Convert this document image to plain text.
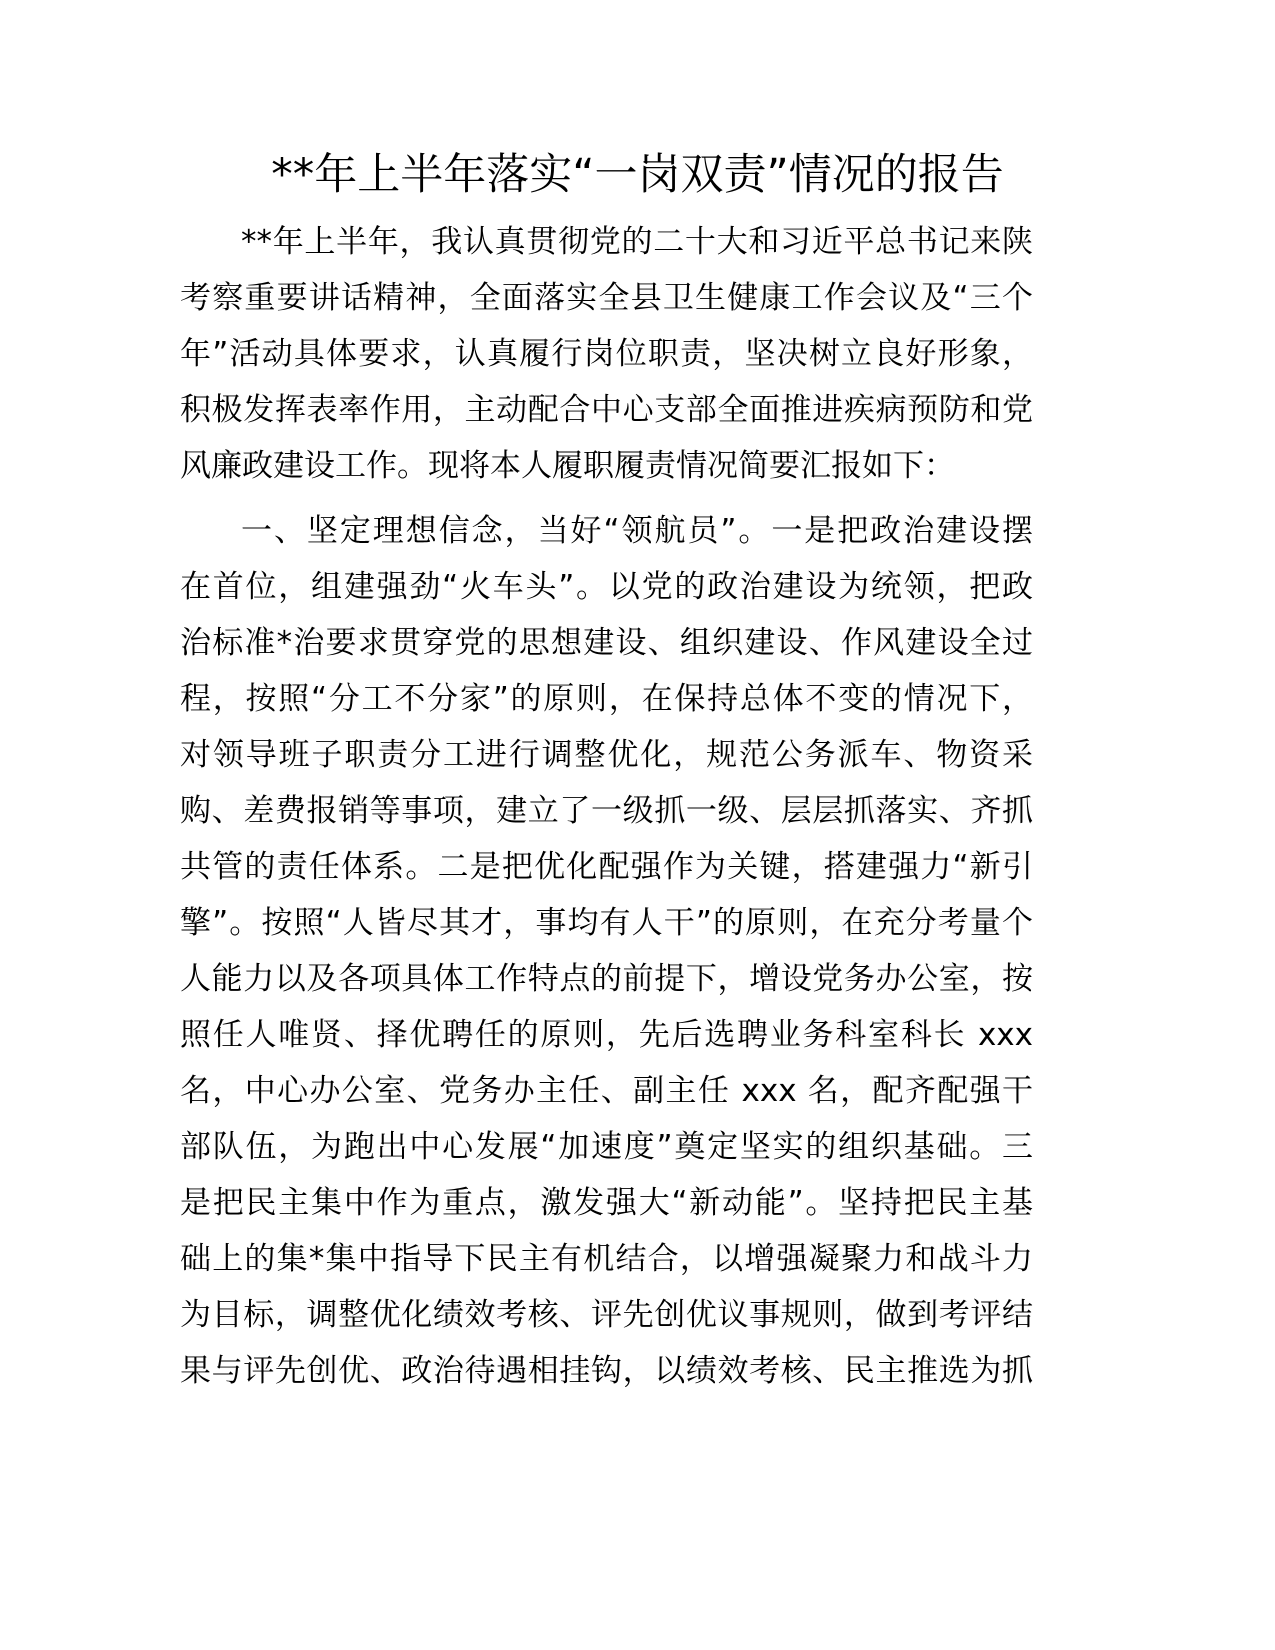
**年上半年落实“一岗双责”情况的报告

**年上半年，我认真贯彻党的二十大和习近平总书记来陕

考察重要讲话精神，全面落实全县卫生健康工作会议及“三个

年”活动具体要求，认真履行岗位职责，坚决树立良好形象，

积极发挥表率作用，主动配合中心支部全面推进疾病预防和党

风廉政建设工作。现将本人履职履责情况简要汇报如下：

一、坚定理想信念，当好“领航员”。一是把政治建设摆

在首位，组建强劲“火车头”。以党的政治建设为统领，把政

治标准*治要求贯穿党的思想建设、组织建设、作风建设全过

程，按照“分工不分家”的原则，在保持总体不变的情况下，

对领导班子职责分工进行调整优化，规范公务派车、物资采

购、差费报销等事项，建立了一级抓一级、层层抓落实、齐抓

共管的责任体系。二是把优化配强作为关键，搭建强力“新引

擎”。按照“人皆尽其才，事均有人干”的原则，在充分考量个

人能力以及各项具体工作特点的前提下，增设党务办公室，按

照任人唯贤、择优聘任的原则，先后选聘业务科室科长 xxx

名，中心办公室、党务办主任、副主任 xxx 名，配齐配强干

部队伍，为跑出中心发展“加速度”奠定坚实的组织基础。三

是把民主集中作为重点，激发强大“新动能”。坚持把民主基

础上的集*集中指导下民主有机结合，以增强凝聚力和战斗力

为目标，调整优化绩效考核、评先创优议事规则，做到考评结

果与评先创优、政治待遇相挂钩，以绩效考核、民主推选为抓
